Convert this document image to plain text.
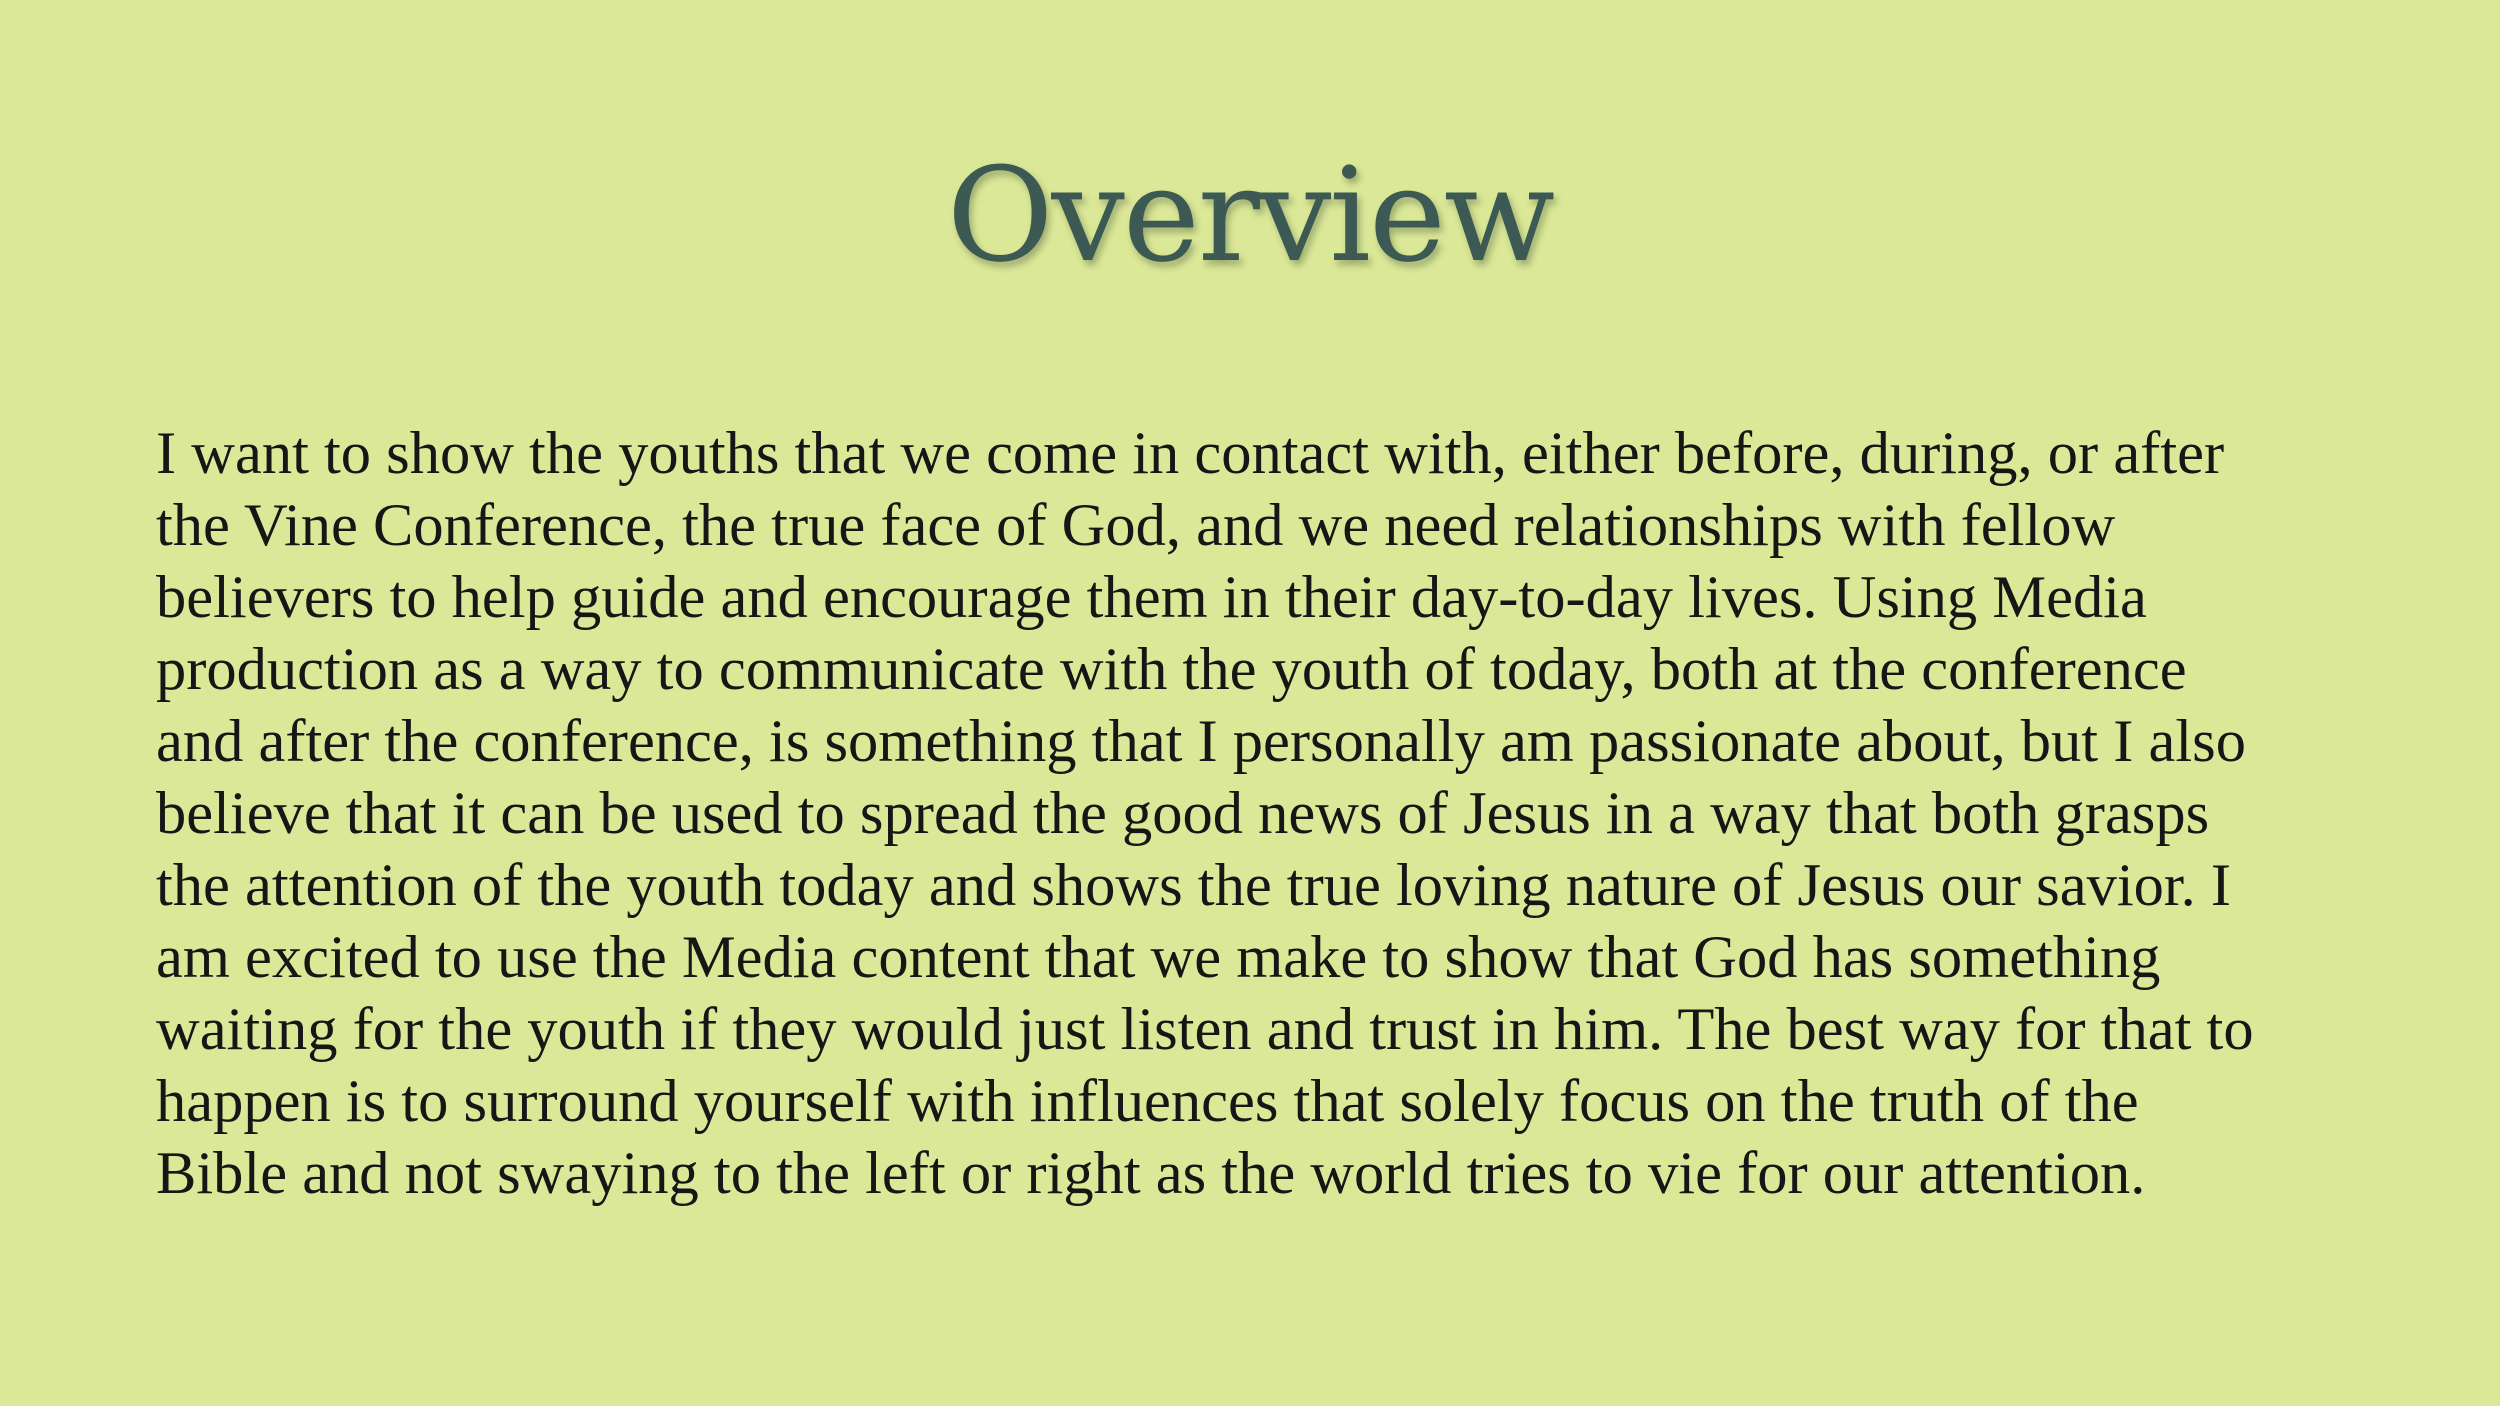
Overview

I want to show the youths that we come in contact with, either before, during, or after
the Vine Conference, the true face of God, and we need relationships with fellow
believers to help guide and encourage them in their day-to-day lives. Using Media
production as a way to communicate with the youth of today, both at the conference
and after the conference, is something that I personally am passionate about, but I also
believe that it can be used to spread the good news of Jesus in a way that both grasps
the attention of the youth today and shows the true loving nature of Jesus our savior. I
am excited to use the Media content that we make to show that God has something
waiting for the youth if they would just listen and trust in him. The best way for that to
happen is to surround yourself with influences that solely focus on the truth of the
Bible and not swaying to the left or right as the world tries to vie for our attention.
